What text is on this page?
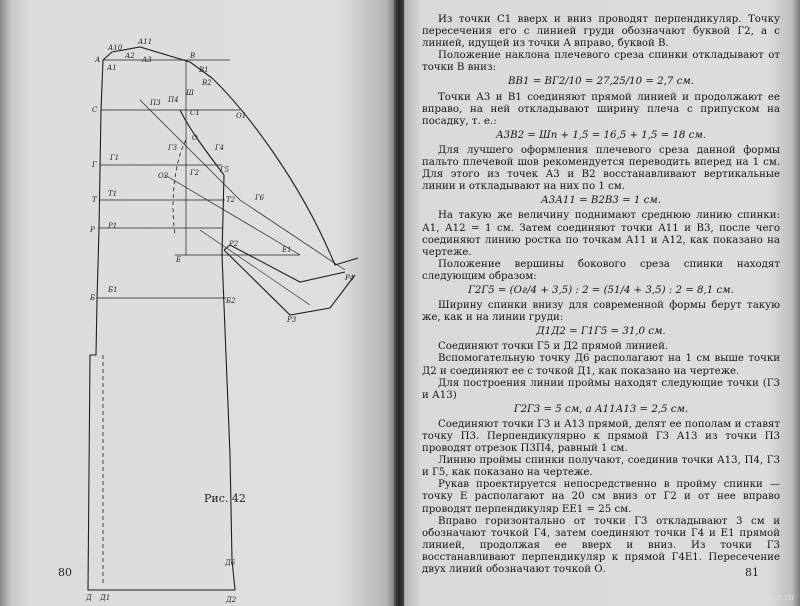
А10
А11
А
А1
А2 А3	В
В1
В2
С	С1
П3 П4
О1
О
Г
Г1
Г2
О2
Г5
Т
Т1
Т2
Р Р1
Р2
Е
Е1
Р4
Р3
Б
Б1
Б2
Д6
Д Д1	Д2
Ш
Г6
Г3	Г4
Рис. 42
80

Из точки С1 вверх и вниз проводят перпендикуляр. Точку пересечения его с линией груди обозначают буквой Г2, а с линией, идущей из точки А вправо, буквой В.

Положение наклона плечевого среза спинки откладывают от точки В вниз:

ВВ1 = ВГ2/10 = 27,25/10 = 2,7 см.

Точки А3 и В1 соединяют прямой линией и продолжают ее вправо, на ней откладывают ширину плеча с припуском на посадку, т. е.:

А3В2 = Шп + 1,5 = 16,5 + 1,5 = 18 см.

Для лучшего оформления плечевого среза данной формы пальто плечевой шов рекомендуется переводить вперед на 1 см. Для этого из точек А3 и В2 восстанавливают вертикальные линии и откладывают на них по 1 см.

А3А11 = В2В3 = 1 см.

На такую же величину поднимают среднюю линию спинки: А1, А12 = 1 см. Затем соединяют точки А11 и В3, после чего соединяют линию ростка по точкам А11 и А12, как показано на чертеже.

Положение вершины бокового среза спинки находят следующим образом:

Г2Г5 = (Ог/4 + 3,5) : 2 = (51/4 + 3,5) : 2 = 8,1 см.

Ширину спинки внизу для современной формы берут такую же, как и на линии груди:

Д1Д2 = Г1Г5 = 31,0 см.

Соединяют точки Г5 и Д2 прямой линией.

Вспомогательную точку Д6 располагают на 1 см выше точки Д2 и соединяют ее с точкой Д1, как показано на чертеже.

Для построения линии проймы находят следующие точки (Г3 и А13)

Г2Г3 = 5 см, а А11А13 = 2,5 см.

Соединяют точки Г3 и А13 прямой, делят ее пополам и ставят точку П3. Перпендикулярно к прямой Г3 А13 из точки П3 проводят отрезок П3П4, равный 1 см.

Линию проймы спинки получают, соединив точки А13, П4, Г3 и Г5, как показано на чертеже.

Рукав проектируется непосредственно в пройму спинки — точку Е располагают на 20 см вниз от Г2 и от нее вправо проводят перпендикуляр ЕЕ1 = 25 см.

Вправо горизонтально от точки Г3 откладывают 3 см и обозначают точкой Г4, затем соединяют точки Г4 и Е1 прямой линией, продолжая ее вверх и вниз. Из точки Г3 восстанавливают перпендикуляр к прямой Г4Е1. Пересечение двух линий обозначают точкой О.	81
PassionForum.ru
